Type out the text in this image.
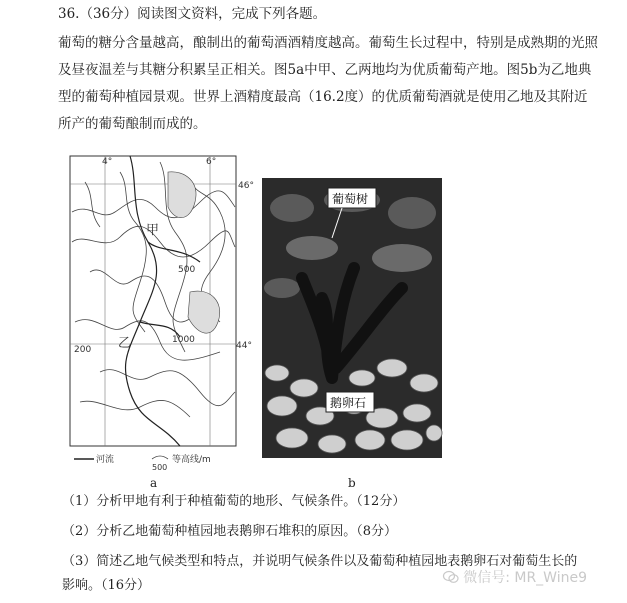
36.（36分）阅读图文资料，完成下列各题。
葡萄的糖分含量越高，酿制出的葡萄酒酒精度越高。葡萄生长过程中，特别是成熟期的光照
及昼夜温差与其糖分积累呈正相关。图5a中甲、乙两地均为优质葡萄产地。图5b为乙地典
型的葡萄种植园景观。世界上酒精度最高（16.2度）的优质葡萄酒就是使用乙地及其附近
所产的葡萄酿制而成的。
4°	6°
46°
44°
甲
乙	1000
500
200
河流
500
等高线/m
a
葡萄树
鹅卵石
b
（1）分析甲地有利于种植葡萄的地形、气候条件。（12分）
（2）分析乙地葡萄种植园地表鹅卵石堆积的原因。（8分）
（3）简述乙地气候类型和特点，并说明气候条件以及葡萄种植园地表鹅卵石对葡萄生长的
影响。（16分）	微信号: MR_Wine9
